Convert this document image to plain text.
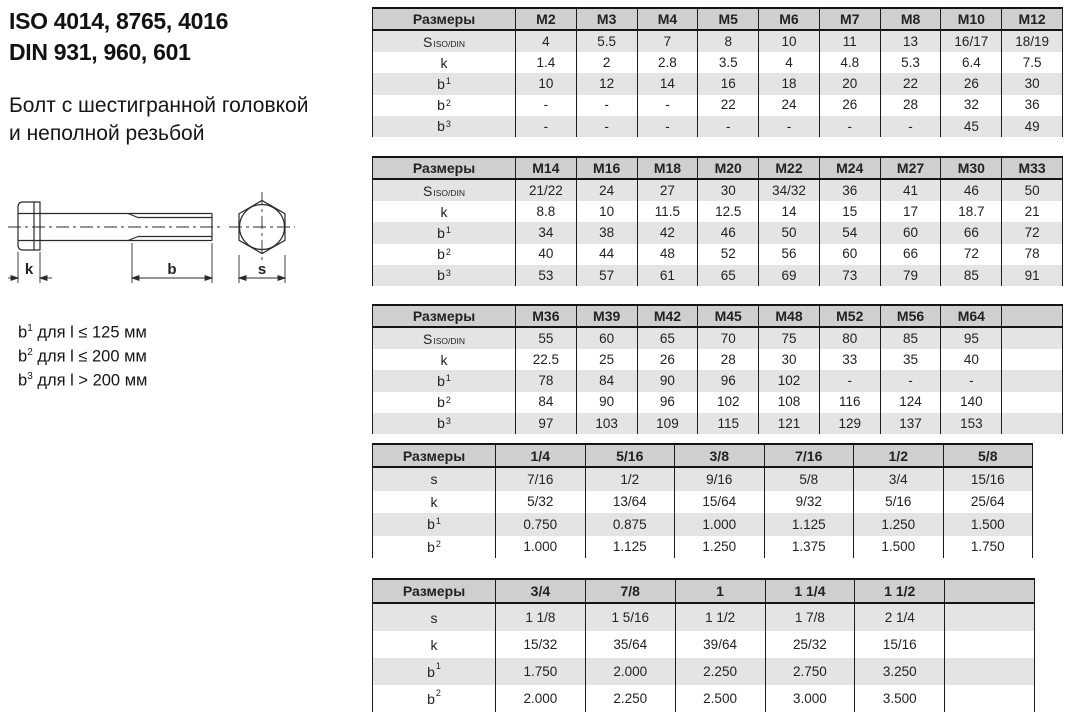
ISO 4014, 8765, 4016
DIN 931, 960, 601
Болт с шестигранной головкой
и неполной резьбой
k	b	s
$b^1$ для l ≤ 125 мм
$b^2$ для l ≤ 200 мм
$b^3$ для l > 200 мм
Размеры	M2	M3	M4	M5	M6	M7	M8	M10	M12
S ISO/DIN	4	5.5	7	8	10	11	13	16/17	18/19
k	1.4	2	2.8	3.5	4	4.8	5.3	6.4	7.5
b 1	10	12	14	16	18	20	22	26	30
b 2	-	-	-	22	24	26	28	32	36
b 3	-	-	-	-	-	-	-	45	49
Размеры	M14	M16	M18	M20	M22	M24	M27	M30	M33
S ISO/DIN	21/22	24	27	30	34/32	36	41	46	50
k	8.8	10	11.5	12.5	14	15	17	18.7	21
b 1	34	38	42	46	50	54	60	66	72
b 2	40	44	48	52	56	60	66	72	78
b 3	53	57	61	65	69	73	79	85	91
Размеры	M36	M39	M42	M45	M48	M52	M56	M64
S ISO/DIN	55	60	65	70	75	80	85	95
k	22.5	25	26	28	30	33	35	40
b 1	78	84	90	96	102	-	-	-
b 2	84	90	96	102	108	116	124	140
b 3	97	103	109	115	121	129	137	153
Размеры	1/4	5/16	3/8	7/16	1/2	5/8
s	7/16	1/2	9/16	5/8	3/4	15/16
k	5/32	13/64	15/64	9/32	5/16	25/64
b 1	0.750	0.875	1.000	1.125	1.250	1.500
b 2	1.000	1.125	1.250	1.375	1.500	1.750
Размеры	3/4	7/8	1	1 1/4	1 1/2
s	1 1/8	1 5/16	1 1/2	1 7/8	2 1/4
k	15/32	35/64	39/64	25/32	15/16
$b^1$	1.750	2.000	2.250	2.750	3.250
$b^2$	2.000	2.250	2.500	3.000	3.500
